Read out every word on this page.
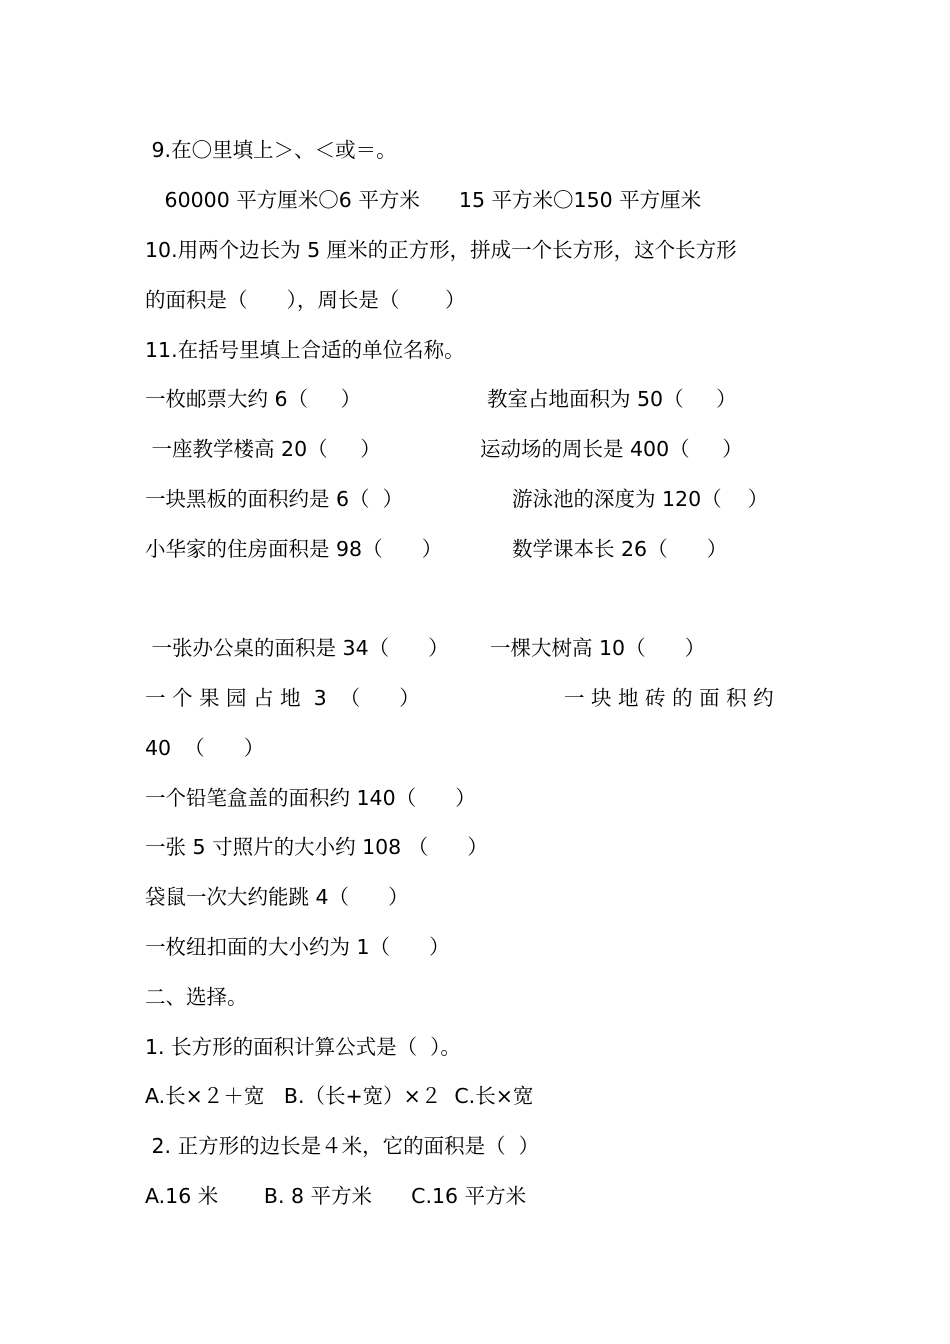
9.在〇里填上＞、＜或＝。
60000 平方厘米〇6 平方米      15 平方米〇150 平方厘米
10.用两个边长为 5 厘米的正方形，拼成一个长方形，这个长方形
的面积是（      ），周长是（       ）
11.在括号里填上合适的单位名称。
一枚邮票大约 6（     ）	教室占地面积为 50（     ）
一座教学楼高 20（     ）	运动场的周长是 400（     ）
一块黑板的面积约是 6（  ）	游泳池的深度为 120（    ）
小华家的住房面积是 98（      ）	数学课本长 26（      ）
一张办公桌的面积是 34（      ） 一棵大树高 10（      ）
一 个 果 园 占 地  3  （      ）	一 块 地 砖 的 面 积 约
40  （      ）
一个铅笔盒盖的面积约 140（      ）
一张 5 寸照片的大小约 108 （      ）
袋鼠一次大约能跳 4（      ）
一枚纽扣面的大小约为 1（      ）
二、选择。
1. 长方形的面积计算公式是（  ）。
A.长×２＋宽   B.（长+宽）×２  C.长×宽
2. 正方形的边长是４米，它的面积是（  ）
A.16 米       B. 8 平方米      C.16 平方米
